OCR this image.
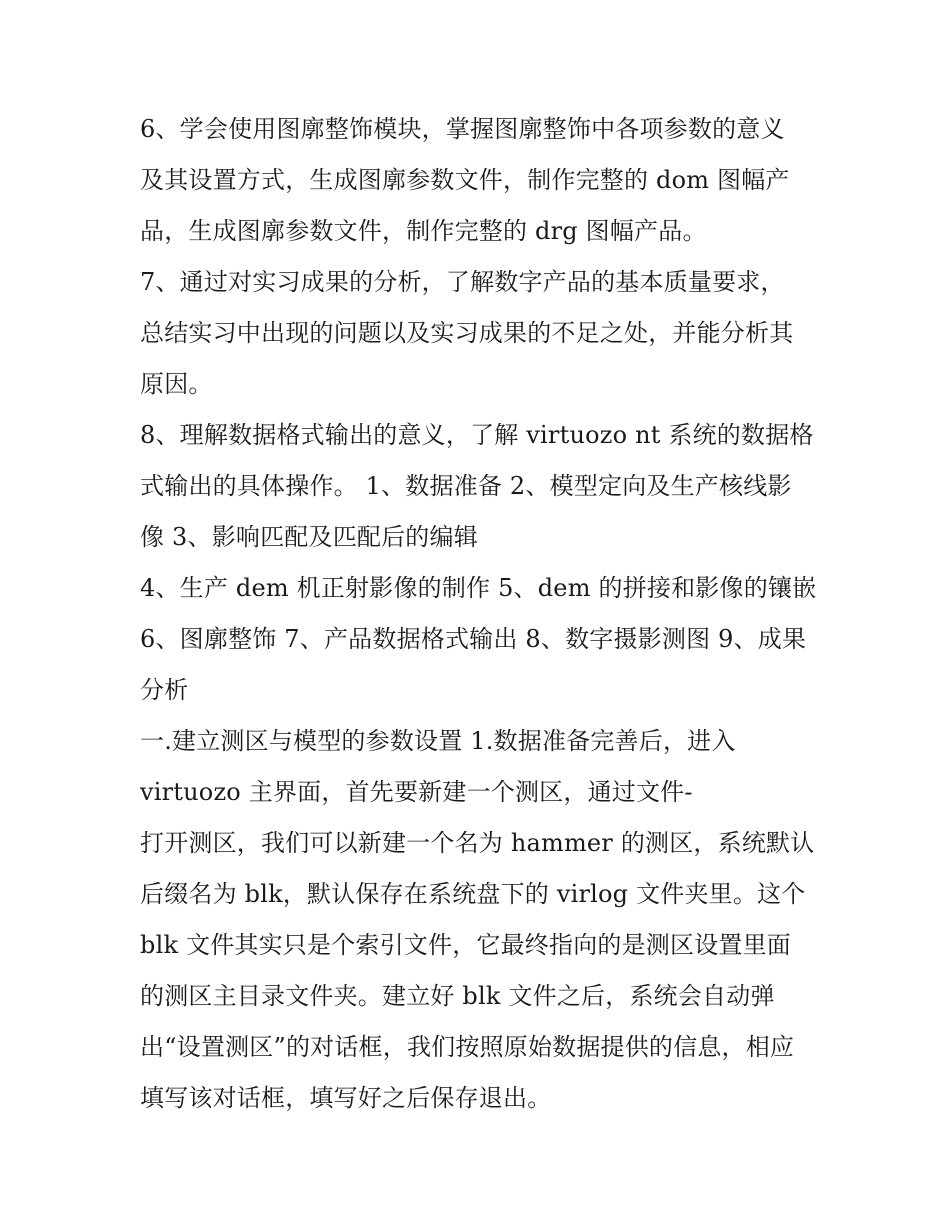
6、学会使用图廓整饰模块，掌握图廓整饰中各项参数的意义
及其设置方式，生成图廓参数文件，制作完整的 dom 图幅产
品，生成图廓参数文件，制作完整的 drg 图幅产品。
7、通过对实习成果的分析，了解数字产品的基本质量要求，
总结实习中出现的问题以及实习成果的不足之处，并能分析其
原因。
8、理解数据格式输出的意义，了解 virtuozo nt 系统的数据格
式输出的具体操作。 1、数据准备 2、模型定向及生产核线影
像 3、影响匹配及匹配后的编辑
4、生产 dem 机正射影像的制作 5、dem 的拼接和影像的镶嵌
6、图廓整饰 7、产品数据格式输出 8、数字摄影测图 9、成果
分析
一.建立测区与模型的参数设置 1.数据准备完善后，进入
virtuozo 主界面，首先要新建一个测区，通过文件-
打开测区，我们可以新建一个名为 hammer 的测区，系统默认
后缀名为 blk，默认保存在系统盘下的 virlog 文件夹里。这个
blk 文件其实只是个索引文件，它最终指向的是测区设置里面
的测区主目录文件夹。建立好 blk 文件之后，系统会自动弹
出“设置测区”的对话框，我们按照原始数据提供的信息，相应
填写该对话框，填写好之后保存退出。
